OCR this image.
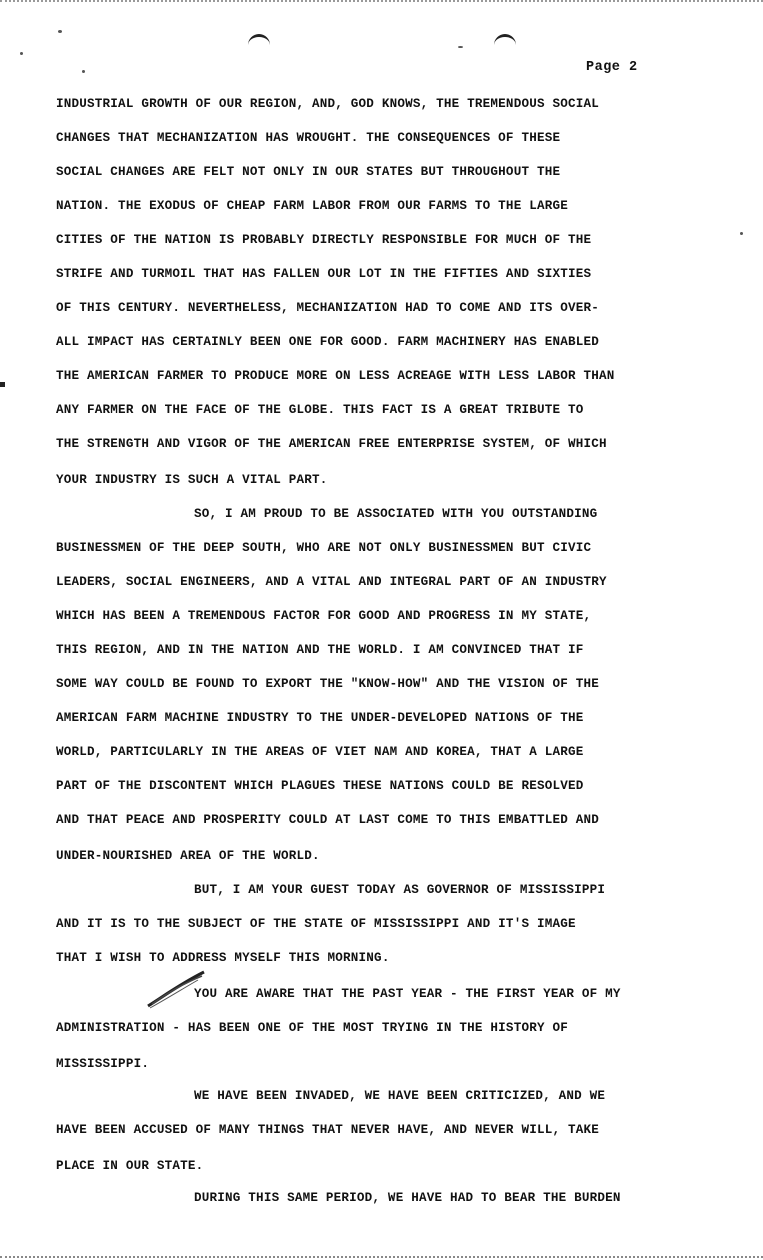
Page 2
INDUSTRIAL GROWTH OF OUR REGION, AND, GOD KNOWS, THE TREMENDOUS SOCIAL
CHANGES THAT MECHANIZATION HAS WROUGHT. THE CONSEQUENCES OF THESE
SOCIAL CHANGES ARE FELT NOT ONLY IN OUR STATES BUT THROUGHOUT THE
NATION. THE EXODUS OF CHEAP FARM LABOR FROM OUR FARMS TO THE LARGE
CITIES OF THE NATION IS PROBABLY DIRECTLY RESPONSIBLE FOR MUCH OF THE
STRIFE AND TURMOIL THAT HAS FALLEN OUR LOT IN THE FIFTIES AND SIXTIES
OF THIS CENTURY. NEVERTHELESS, MECHANIZATION HAD TO COME AND ITS OVER-
ALL IMPACT HAS CERTAINLY BEEN ONE FOR GOOD. FARM MACHINERY HAS ENABLED
THE AMERICAN FARMER TO PRODUCE MORE ON LESS ACREAGE WITH LESS LABOR THAN
ANY FARMER ON THE FACE OF THE GLOBE. THIS FACT IS A GREAT TRIBUTE TO
THE STRENGTH AND VIGOR OF THE AMERICAN FREE ENTERPRISE SYSTEM, OF WHICH
YOUR INDUSTRY IS SUCH A VITAL PART.
SO, I AM PROUD TO BE ASSOCIATED WITH YOU OUTSTANDING
BUSINESSMEN OF THE DEEP SOUTH, WHO ARE NOT ONLY BUSINESSMEN BUT CIVIC
LEADERS, SOCIAL ENGINEERS, AND A VITAL AND INTEGRAL PART OF AN INDUSTRY
WHICH HAS BEEN A TREMENDOUS FACTOR FOR GOOD AND PROGRESS IN MY STATE,
THIS REGION, AND IN THE NATION AND THE WORLD. I AM CONVINCED THAT IF
SOME WAY COULD BE FOUND TO EXPORT THE "KNOW-HOW" AND THE VISION OF THE
AMERICAN FARM MACHINE INDUSTRY TO THE UNDER-DEVELOPED NATIONS OF THE
WORLD, PARTICULARLY IN THE AREAS OF VIET NAM AND KOREA, THAT A LARGE
PART OF THE DISCONTENT WHICH PLAGUES THESE NATIONS COULD BE RESOLVED
AND THAT PEACE AND PROSPERITY COULD AT LAST COME TO THIS EMBATTLED AND
UNDER-NOURISHED AREA OF THE WORLD.
BUT, I AM YOUR GUEST TODAY AS GOVERNOR OF MISSISSIPPI
AND IT IS TO THE SUBJECT OF THE STATE OF MISSISSIPPI AND IT'S IMAGE
THAT I WISH TO ADDRESS MYSELF THIS MORNING.
YOU ARE AWARE THAT THE PAST YEAR - THE FIRST YEAR OF MY
ADMINISTRATION - HAS BEEN ONE OF THE MOST TRYING IN THE HISTORY OF
MISSISSIPPI.
WE HAVE BEEN INVADED, WE HAVE BEEN CRITICIZED, AND WE
HAVE BEEN ACCUSED OF MANY THINGS THAT NEVER HAVE, AND NEVER WILL, TAKE
PLACE IN OUR STATE.
DURING THIS SAME PERIOD, WE HAVE HAD TO BEAR THE BURDEN
